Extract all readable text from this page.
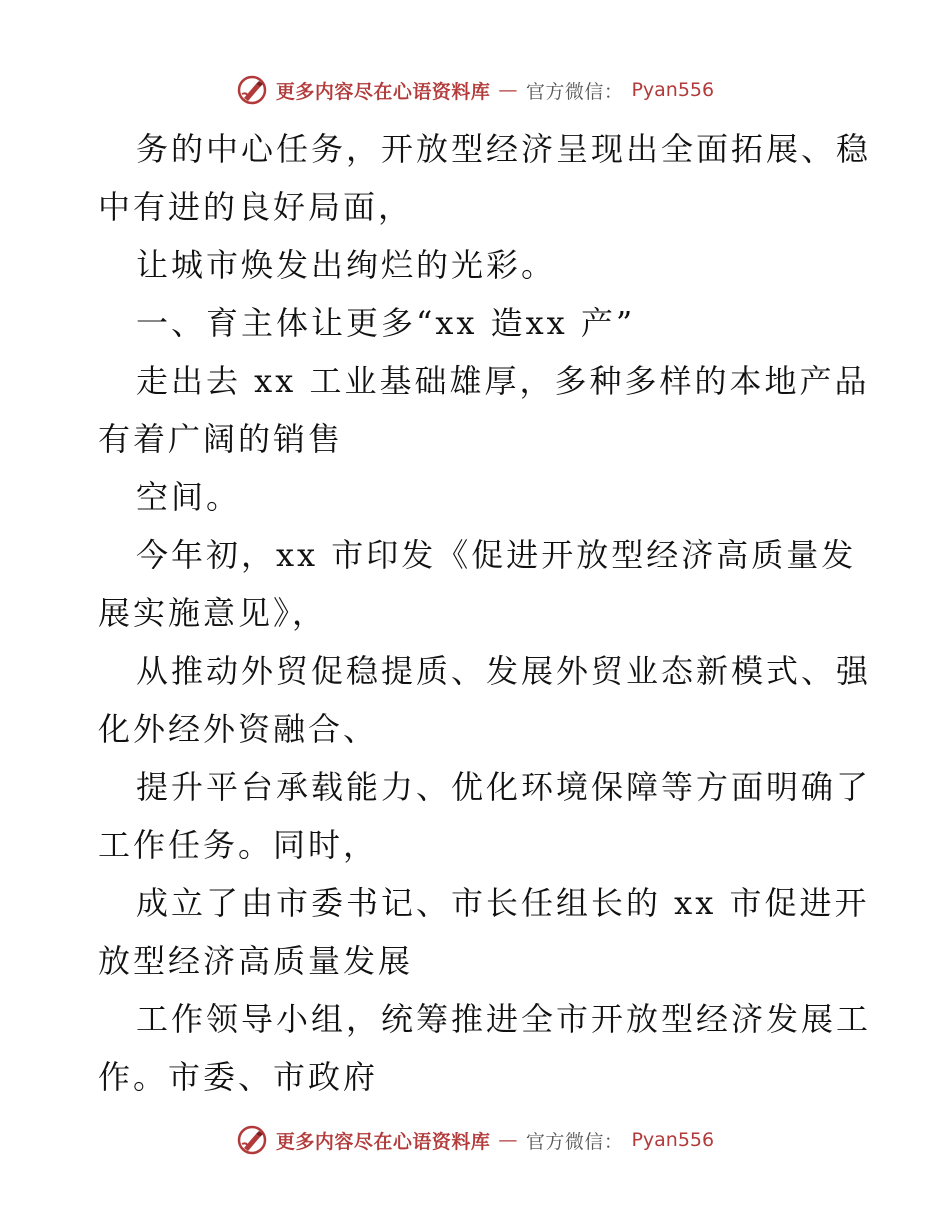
更多内容尽在心语资料库 — 官方微信： Pyan556
务的中心任务，开放型经济呈现出全面拓展、稳
中有进的良好局面，
让城市焕发出绚烂的光彩。
一、育主体让更多“xx 造xx 产”
走出去 xx 工业基础雄厚，多种多样的本地产品
有着广阔的销售
空间。
今年初，xx 市印发《促进开放型经济高质量发
展实施意见》，
从推动外贸促稳提质、发展外贸业态新模式、强
化外经外资融合、
提升平台承载能力、优化环境保障等方面明确了
工作任务。同时，
成立了由市委书记、市长任组长的 xx 市促进开
放型经济高质量发展
工作领导小组，统筹推进全市开放型经济发展工
作。市委、市政府
更多内容尽在心语资料库 — 官方微信： Pyan556
